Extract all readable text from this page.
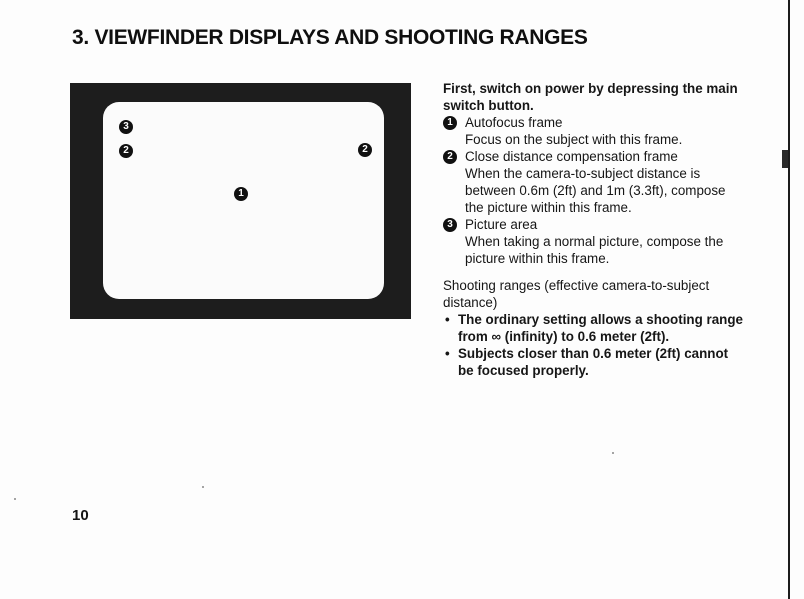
3. VIEWFINDER DISPLAYS AND SHOOTING RANGES
3
2	2
1

First, switch on power by depressing the main switch button.

1 Autofocus frame
Focus on the subject with this frame.
2 Close distance compensation frame
When the camera-to-subject distance is between 0.6m (2ft) and 1m (3.3ft), compose the picture within this frame.
3 Picture area
When taking a normal picture, compose the picture within this frame.
Shooting ranges (effective camera-to-subject distance)
• The ordinary setting allows a shooting range from ∞ (infinity) to 0.6 meter (2ft).
• Subjects closer than 0.6 meter (2ft) cannot be focused properly.
10
